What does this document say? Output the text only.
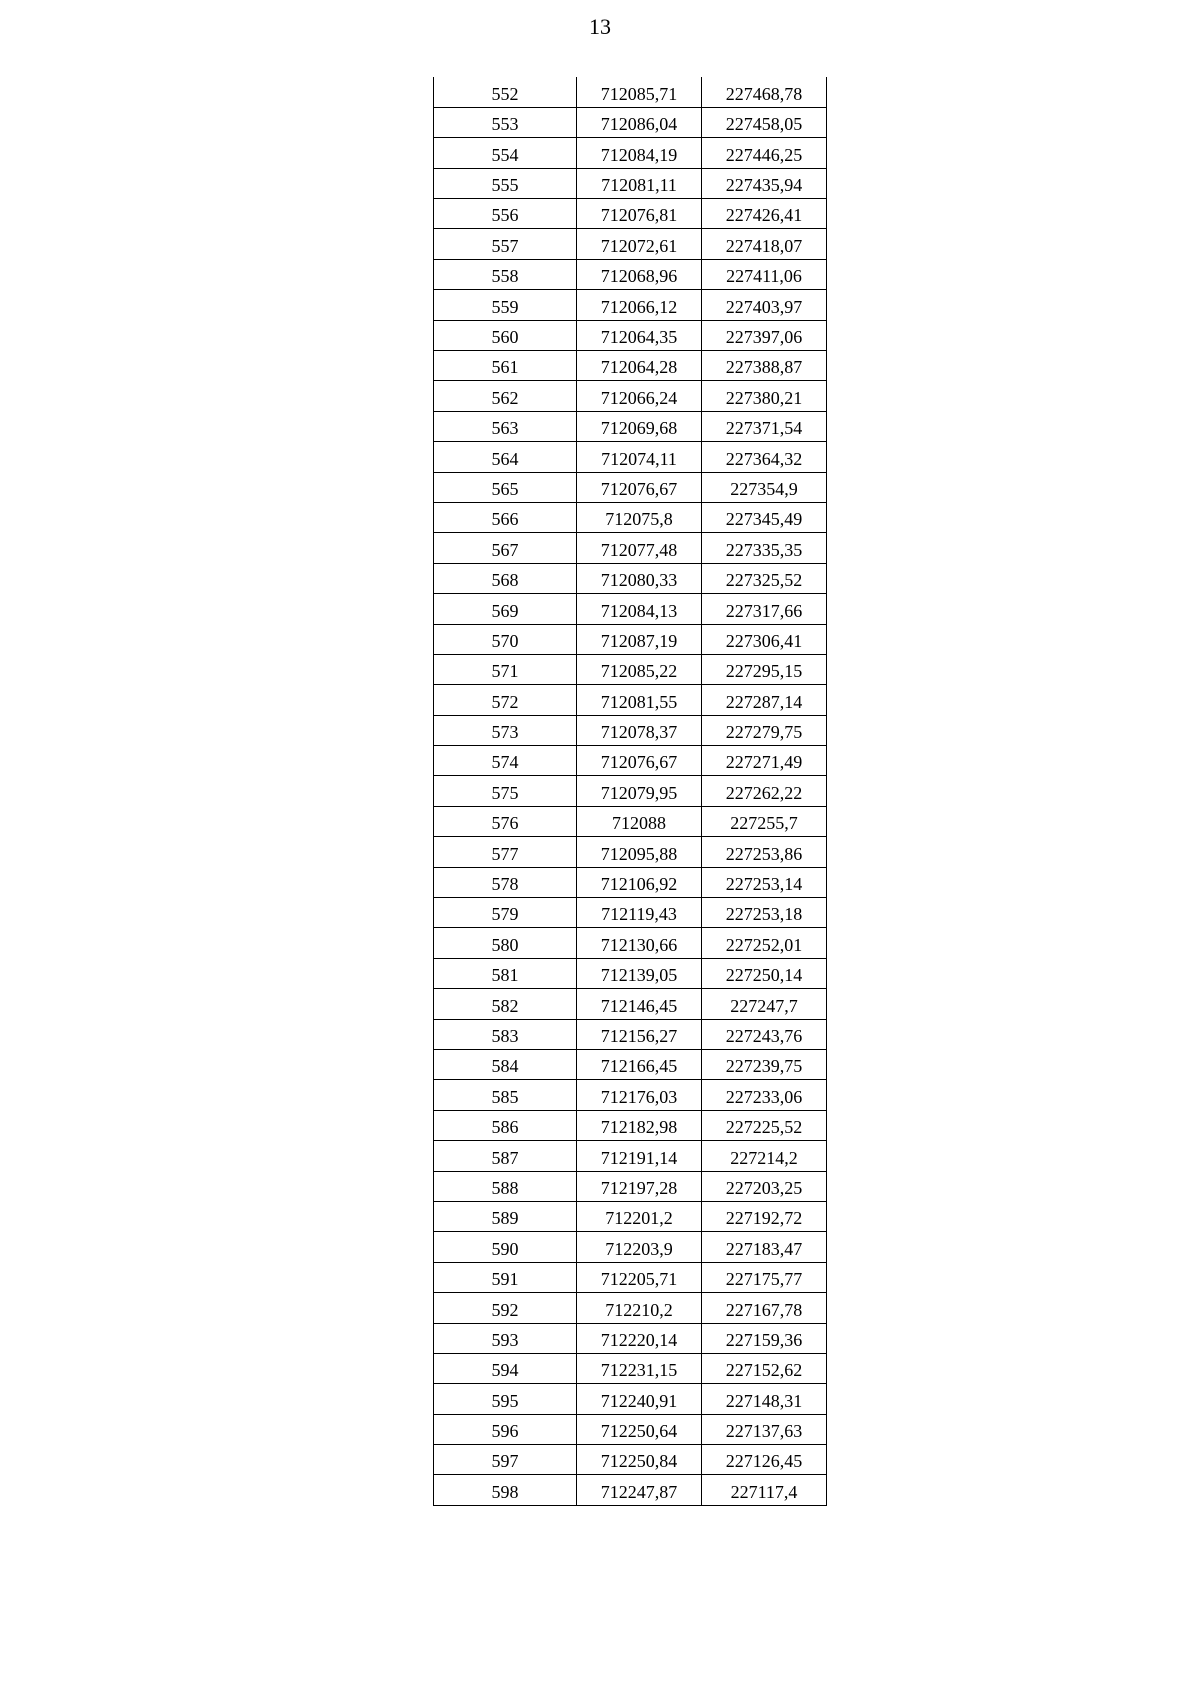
13
552	712085,71	227468,78
553	712086,04	227458,05
554	712084,19	227446,25
555	712081,11	227435,94
556	712076,81	227426,41
557	712072,61	227418,07
558	712068,96	227411,06
559	712066,12	227403,97
560	712064,35	227397,06
561	712064,28	227388,87
562	712066,24	227380,21
563	712069,68	227371,54
564	712074,11	227364,32
565	712076,67	227354,9
566	712075,8	227345,49
567	712077,48	227335,35
568	712080,33	227325,52
569	712084,13	227317,66
570	712087,19	227306,41
571	712085,22	227295,15
572	712081,55	227287,14
573	712078,37	227279,75
574	712076,67	227271,49
575	712079,95	227262,22
576	712088	227255,7
577	712095,88	227253,86
578	712106,92	227253,14
579	712119,43	227253,18
580	712130,66	227252,01
581	712139,05	227250,14
582	712146,45	227247,7
583	712156,27	227243,76
584	712166,45	227239,75
585	712176,03	227233,06
586	712182,98	227225,52
587	712191,14	227214,2
588	712197,28	227203,25
589	712201,2	227192,72
590	712203,9	227183,47
591	712205,71	227175,77
592	712210,2	227167,78
593	712220,14	227159,36
594	712231,15	227152,62
595	712240,91	227148,31
596	712250,64	227137,63
597	712250,84	227126,45
598	712247,87	227117,4
